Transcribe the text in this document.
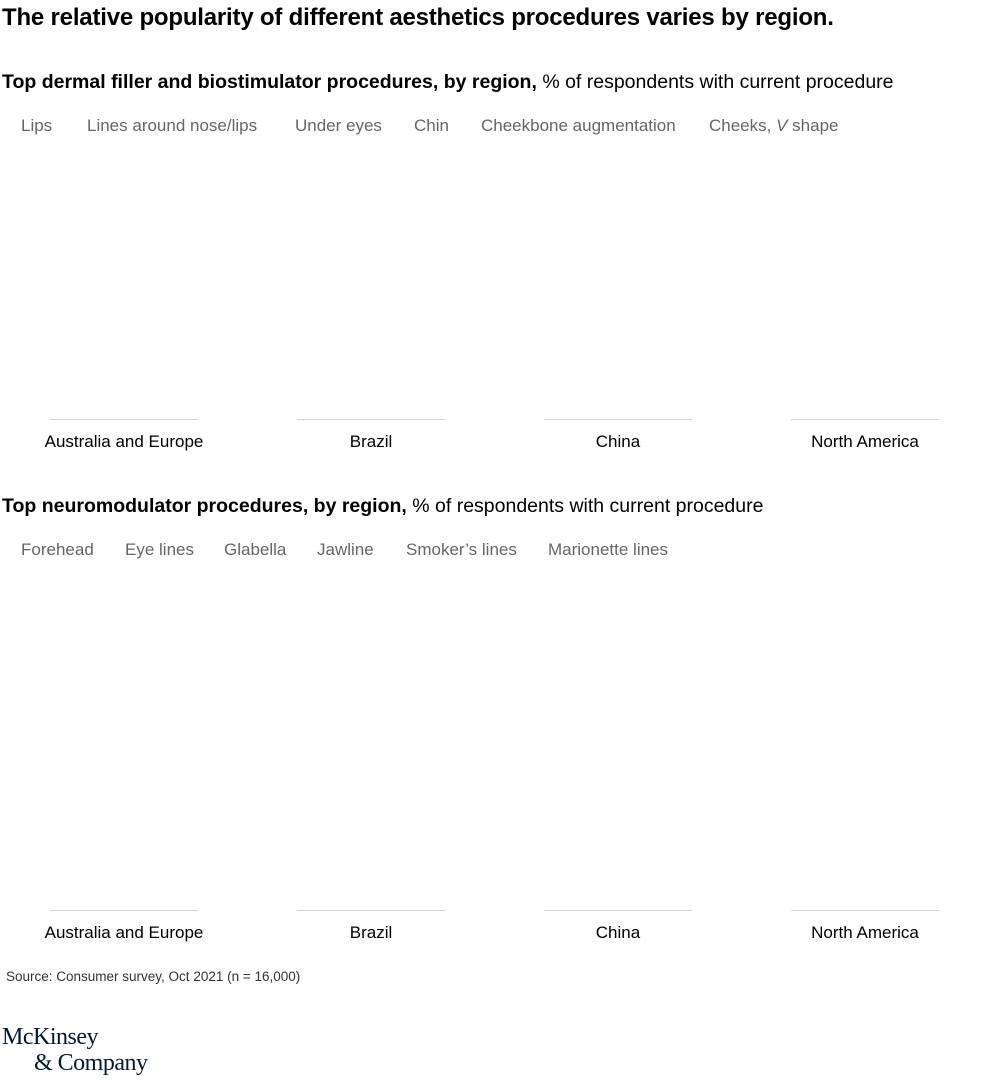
The relative popularity of different aesthetics procedures varies by region.

Top dermal filler and biostimulator procedures, by region, % of respondents with current procedure

Lips Lines around nose/lips Under eyes Chin Cheekbone augmentation Cheeks, V shape
Australia and Europe	Brazil	China	North America

Top neuromodulator procedures, by region, % of respondents with current procedure

Forehead Eye lines Glabella Jawline Smoker’s lines Marionette lines
Australia and Europe	Brazil	China	North America
Source: Consumer survey, Oct 2021 (n = 16,000)
McKinsey
& Company
